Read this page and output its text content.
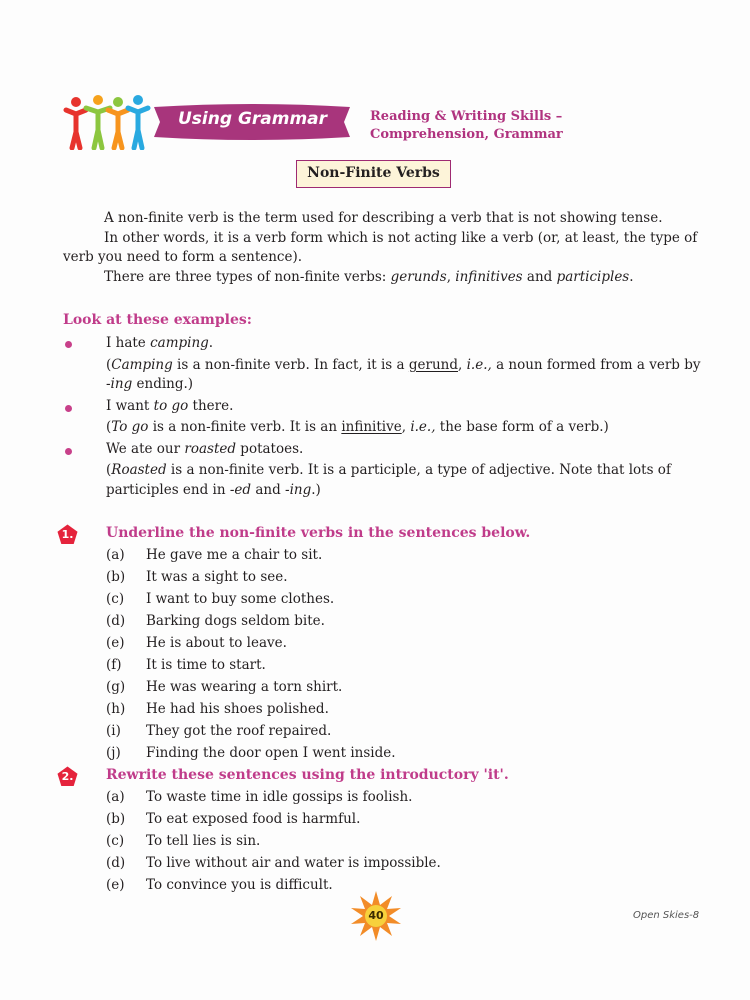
Using Grammar	Reading & Writing Skills –
Comprehension, Grammar
Non-Finite Verbs
A non-finite verb is the term used for describing a verb that is not showing tense.
In other words, it is a verb form which is not acting like a verb (or, at least, the type of
verb you need to form a sentence).
There are three types of non-finite verbs: gerunds, infinitives and participles.
Look at these examples:
I hate camping.
(Camping is a non-finite verb. In fact, it is a gerund, i.e., a noun formed from a verb by
-ing ending.)
I want to go there.
(To go is a non-finite verb. It is an infinitive, i.e., the base form of a verb.)
We ate our roasted potatoes.
(Roasted is a non-finite verb. It is a participle, a type of adjective. Note that lots of
participles end in -ed and -ing.)
1.	Underline the non-finite verbs in the sentences below.
(a) He gave me a chair to sit.
(b) It was a sight to see.
(c) I want to buy some clothes.
(d) Barking dogs seldom bite.
(e) He is about to leave.
(f) It is time to start.
(g) He was wearing a torn shirt.
(h) He had his shoes polished.
(i) They got the roof repaired.
(j) Finding the door open I went inside.
2.	Rewrite these sentences using the introductory 'it'.
(a) To waste time in idle gossips is foolish.
(b) To eat exposed food is harmful.
(c) To tell lies is sin.
(d) To live without air and water is impossible.
(e) To convince you is difficult.
40	Open Skies-8
